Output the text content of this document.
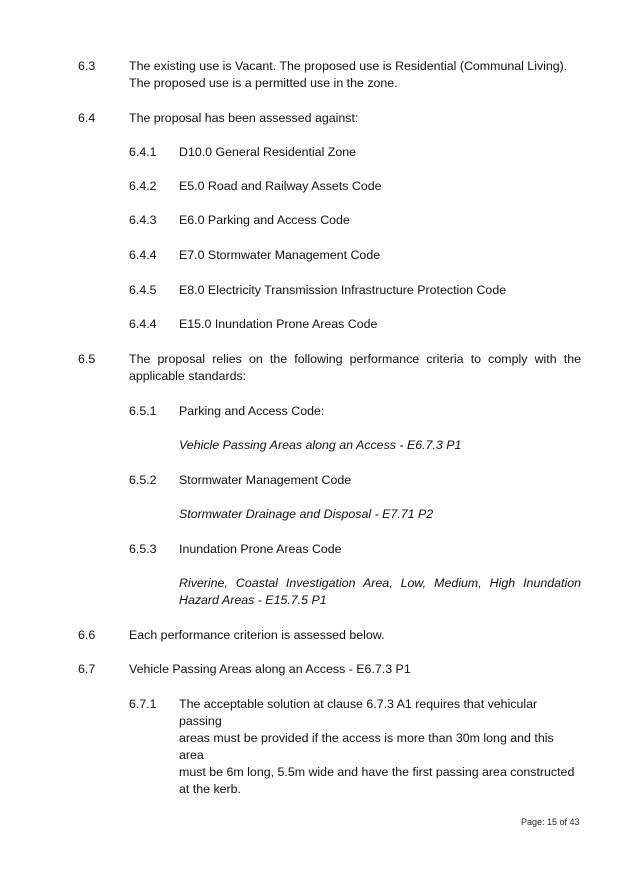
6.3	The existing use is Vacant. The proposed use is Residential (Communal Living).
The proposed use is a permitted use in the zone.
6.4	The proposal has been assessed against:
6.4.1 D10.0 General Residential Zone
6.4.2 E5.0 Road and Railway Assets Code
6.4.3 E6.0 Parking and Access Code
6.4.4 E7.0 Stormwater Management Code
6.4.5 E8.0 Electricity Transmission Infrastructure Protection Code
6.4.4 E15.0 Inundation Prone Areas Code
6.5	The proposal relies on the following performance criteria to comply with the
applicable standards:
6.5.1 Parking and Access Code:
Vehicle Passing Areas along an Access - E6.7.3 P1
6.5.2 Stormwater Management Code
Stormwater Drainage and Disposal - E7.71 P2
6.5.3 Inundation Prone Areas Code
Riverine, Coastal Investigation Area, Low, Medium, High Inundation
Hazard Areas - E15.7.5 P1
6.6	Each performance criterion is assessed below.
6.7	Vehicle Passing Areas along an Access - E6.7.3 P1
6.7.1 The acceptable solution at clause 6.7.3 A1 requires that vehicular passing
areas must be provided if the access is more than 30m long and this area
must be 6m long, 5.5m wide and have the first passing area constructed
at the kerb.
Page: 15 of 43
